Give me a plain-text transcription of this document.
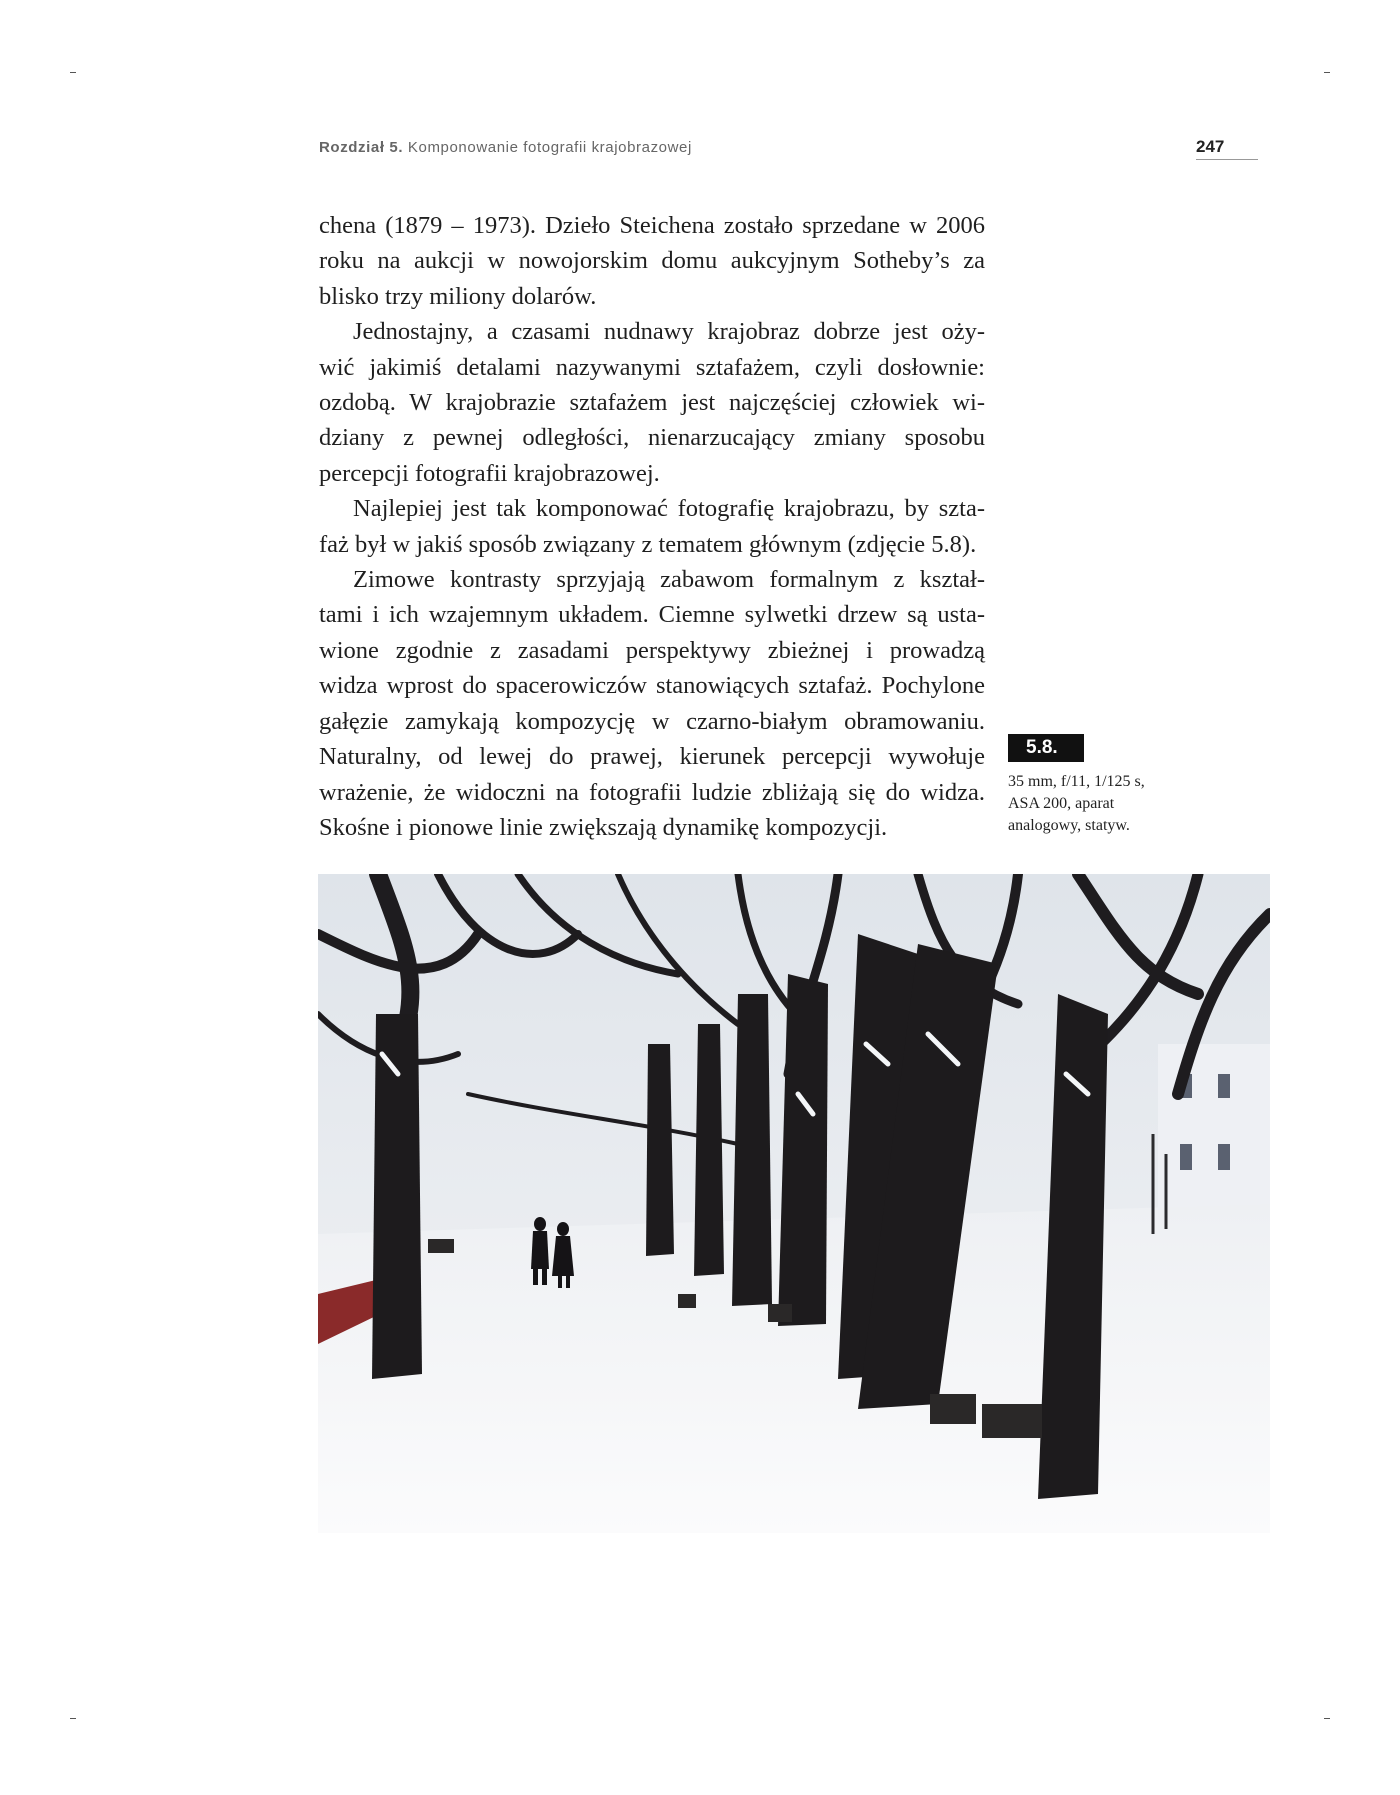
Rozdział 5. Komponowanie fotografii krajobrazowej	247

chena (1879 – 1973). Dzieło Steichena zostało sprzedane w 2006
roku na aukcji w nowojorskim domu aukcyjnym Sotheby’s za
blisko trzy miliony dolarów.

Jednostajny, a czasami nudnawy krajobraz dobrze jest oży-
wić jakimiś detalami nazywanymi sztafażem, czyli dosłownie:
ozdobą. W krajobrazie sztafażem jest najczęściej człowiek wi-
dziany z pewnej odległości, nienarzucający zmiany sposobu
percepcji fotografii krajobrazowej.

Najlepiej jest tak komponować fotografię krajobrazu, by szta-
faż był w jakiś sposób związany z tematem głównym (zdjęcie 5.8).

Zimowe kontrasty sprzyjają zabawom formalnym z kształ-
tami i ich wzajemnym układem. Ciemne sylwetki drzew są usta-
wione zgodnie z zasadami perspektywy zbieżnej i prowadzą
widza wprost do spacerowiczów stanowiących sztafaż. Pochylone
gałęzie zamykają kompozycję w czarno-białym obramowaniu.
Naturalny, od lewej do prawej, kierunek percepcji wywołuje
wrażenie, że widoczni na fotografii ludzie zbliżają się do widza.
Skośne i pionowe linie zwiększają dynamikę kompozycji.

5.8.
35 mm, f/11, 1/125 s,
ASA 200, aparat
analogowy, statyw.
